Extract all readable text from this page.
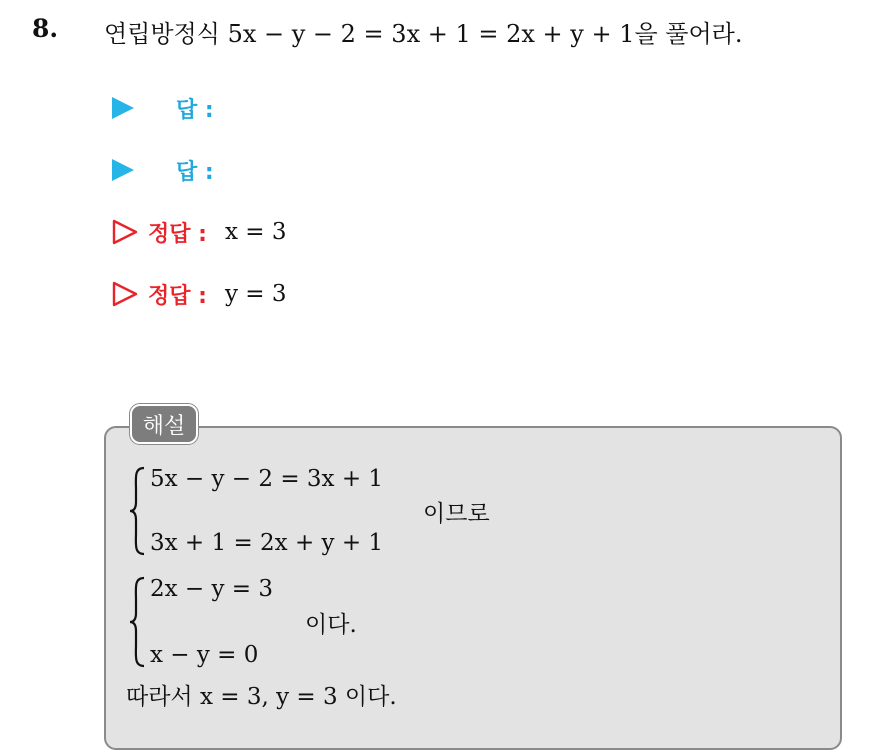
8. 연립방정식 5x − y − 2 = 3x + 1 = 2x + y + 1을 풀어라.
답 :
답 :
정답 : x = 3
정답 : y = 3
해설
5x − y − 2 = 3x + 1
3x + 1 = 2x + y + 1
이므로
2x − y = 3
x − y = 0
이다.
따라서 x = 3, y = 3 이다.
